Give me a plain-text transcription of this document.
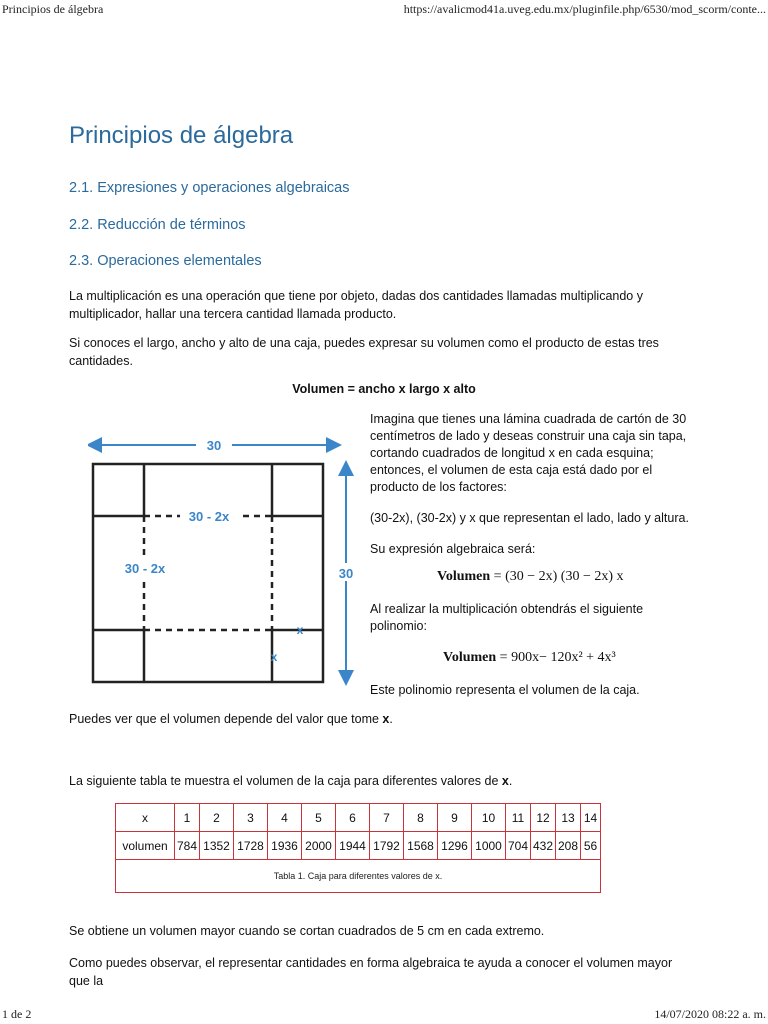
Principios de álgebra	https://avalicmod41a.uveg.edu.mx/pluginfile.php/6530/mod_scorm/conte...
Principios de álgebra
2.1. Expresiones y operaciones algebraicas
2.2. Reducción de términos
2.3. Operaciones elementales

La multiplicación es una operación que tiene por objeto, dadas dos cantidades llamadas multiplicando y multiplicador, hallar una tercera cantidad llamada producto.

Si conoces el largo, ancho y alto de una caja, puedes expresar su volumen como el producto de estas tres cantidades.

Volumen = ancho x largo x alto
30
30
30 - 2x
30 - 2x
x
x

Imagina que tienes una lámina cuadrada de cartón de 30 centímetros de lado y deseas construir una caja sin tapa, cortando cuadrados de longitud x en cada esquina; entonces, el volumen de esta caja está dado por el producto de los factores:

(30-2x), (30-2x) y x que representan el lado, lado y altura.

Su expresión algebraica será:

Volumen = (30 − 2x) (30 − 2x) x

Al realizar la multiplicación obtendrás el siguiente polinomio:

Volumen = 900x− 120x² + 4x³

Este polinomio representa el volumen de la caja.

Puedes ver que el volumen depende del valor que tome x.

La siguiente tabla te muestra el volumen de la caja para diferentes valores de x.

x	1	2	3	4	5	6	7	8	9	10	11	12	13	14
volumen	784	1352	1728	1936	2000	1944	1792	1568	1296	1000	704	432	208	56
Tabla 1. Caja para diferentes valores de x.														

Se obtiene un volumen mayor cuando se cortan cuadrados de 5 cm en cada extremo.

Como puedes observar, el representar cantidades en forma algebraica te ayuda a conocer el volumen mayor que la

1 de 2	14/07/2020 08:22 a. m.
